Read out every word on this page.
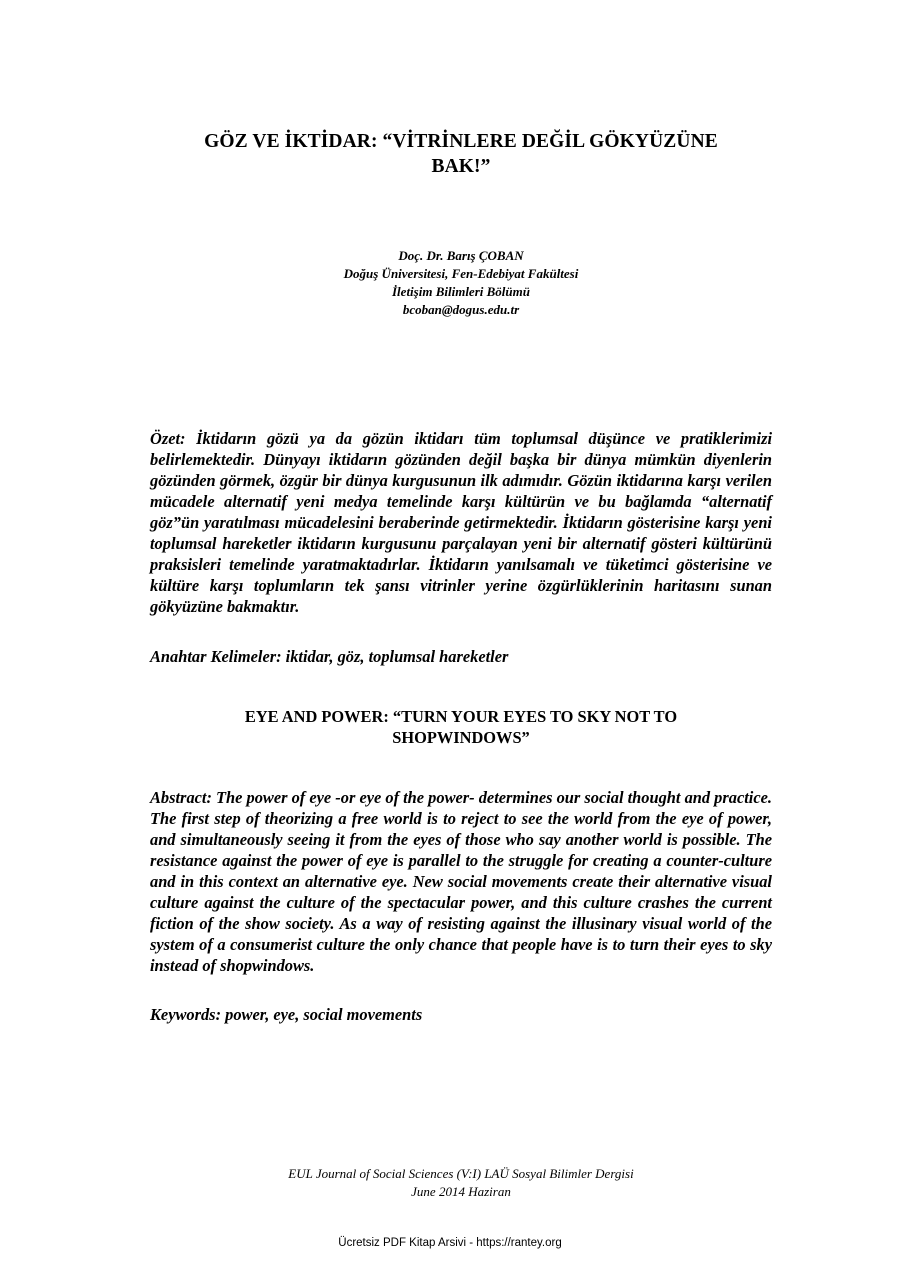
GÖZ VE İKTİDAR: “VİTRİNLERE DEĞİL GÖKYÜZÜNE
BAK!”
Doç. Dr. Barış ÇOBAN
Doğuş Üniversitesi, Fen-Edebiyat Fakültesi
İletişim Bilimleri Bölümü
bcoban@dogus.edu.tr
Özet: İktidarın gözü ya da gözün iktidarı tüm toplumsal düşünce ve pratiklerimizi belirlemektedir. Dünyayı iktidarın gözünden değil başka bir dünya mümkün diyenlerin gözünden görmek, özgür bir dünya kurgusunun ilk adımıdır. Gözün iktidarına karşı verilen mücadele alternatif yeni medya temelinde karşı kültürün ve bu bağlamda “alternatif göz”ün yaratılması mücadelesini beraberinde getirmektedir. İktidarın gösterisine karşı yeni toplumsal hareketler iktidarın kurgusunu parçalayan yeni bir alternatif gösteri kültürünü praksisleri temelinde yaratmaktadırlar. İktidarın yanılsamalı ve tüketimci gösterisine ve kültüre karşı toplumların tek şansı vitrinler yerine özgürlüklerinin haritasını sunan gökyüzüne bakmaktır.
Anahtar Kelimeler: iktidar, göz, toplumsal hareketler
EYE AND POWER: “TURN YOUR EYES TO SKY NOT TO
SHOPWINDOWS”
Abstract: The power of eye -or eye of the power- determines our social thought and practice. The first step of theorizing a free world is to reject to see the world from the eye of power, and simultaneously seeing it from the eyes of those who say another world is possible. The resistance against the power of eye is parallel to the struggle for creating a counter-culture and in this context an alternative eye. New social movements create their alternative visual culture against the culture of the spectacular power, and this culture crashes the current fiction of the show society. As a way of resisting against the illusinary visual world of the system of a consumerist culture the only chance that people have is to turn their eyes to sky instead of shopwindows.
Keywords: power, eye, social movements
EUL Journal of Social Sciences (V:I) LAÜ Sosyal Bilimler Dergisi
June 2014 Haziran
Ücretsiz PDF Kitap Arsivi - https://rantey.org
